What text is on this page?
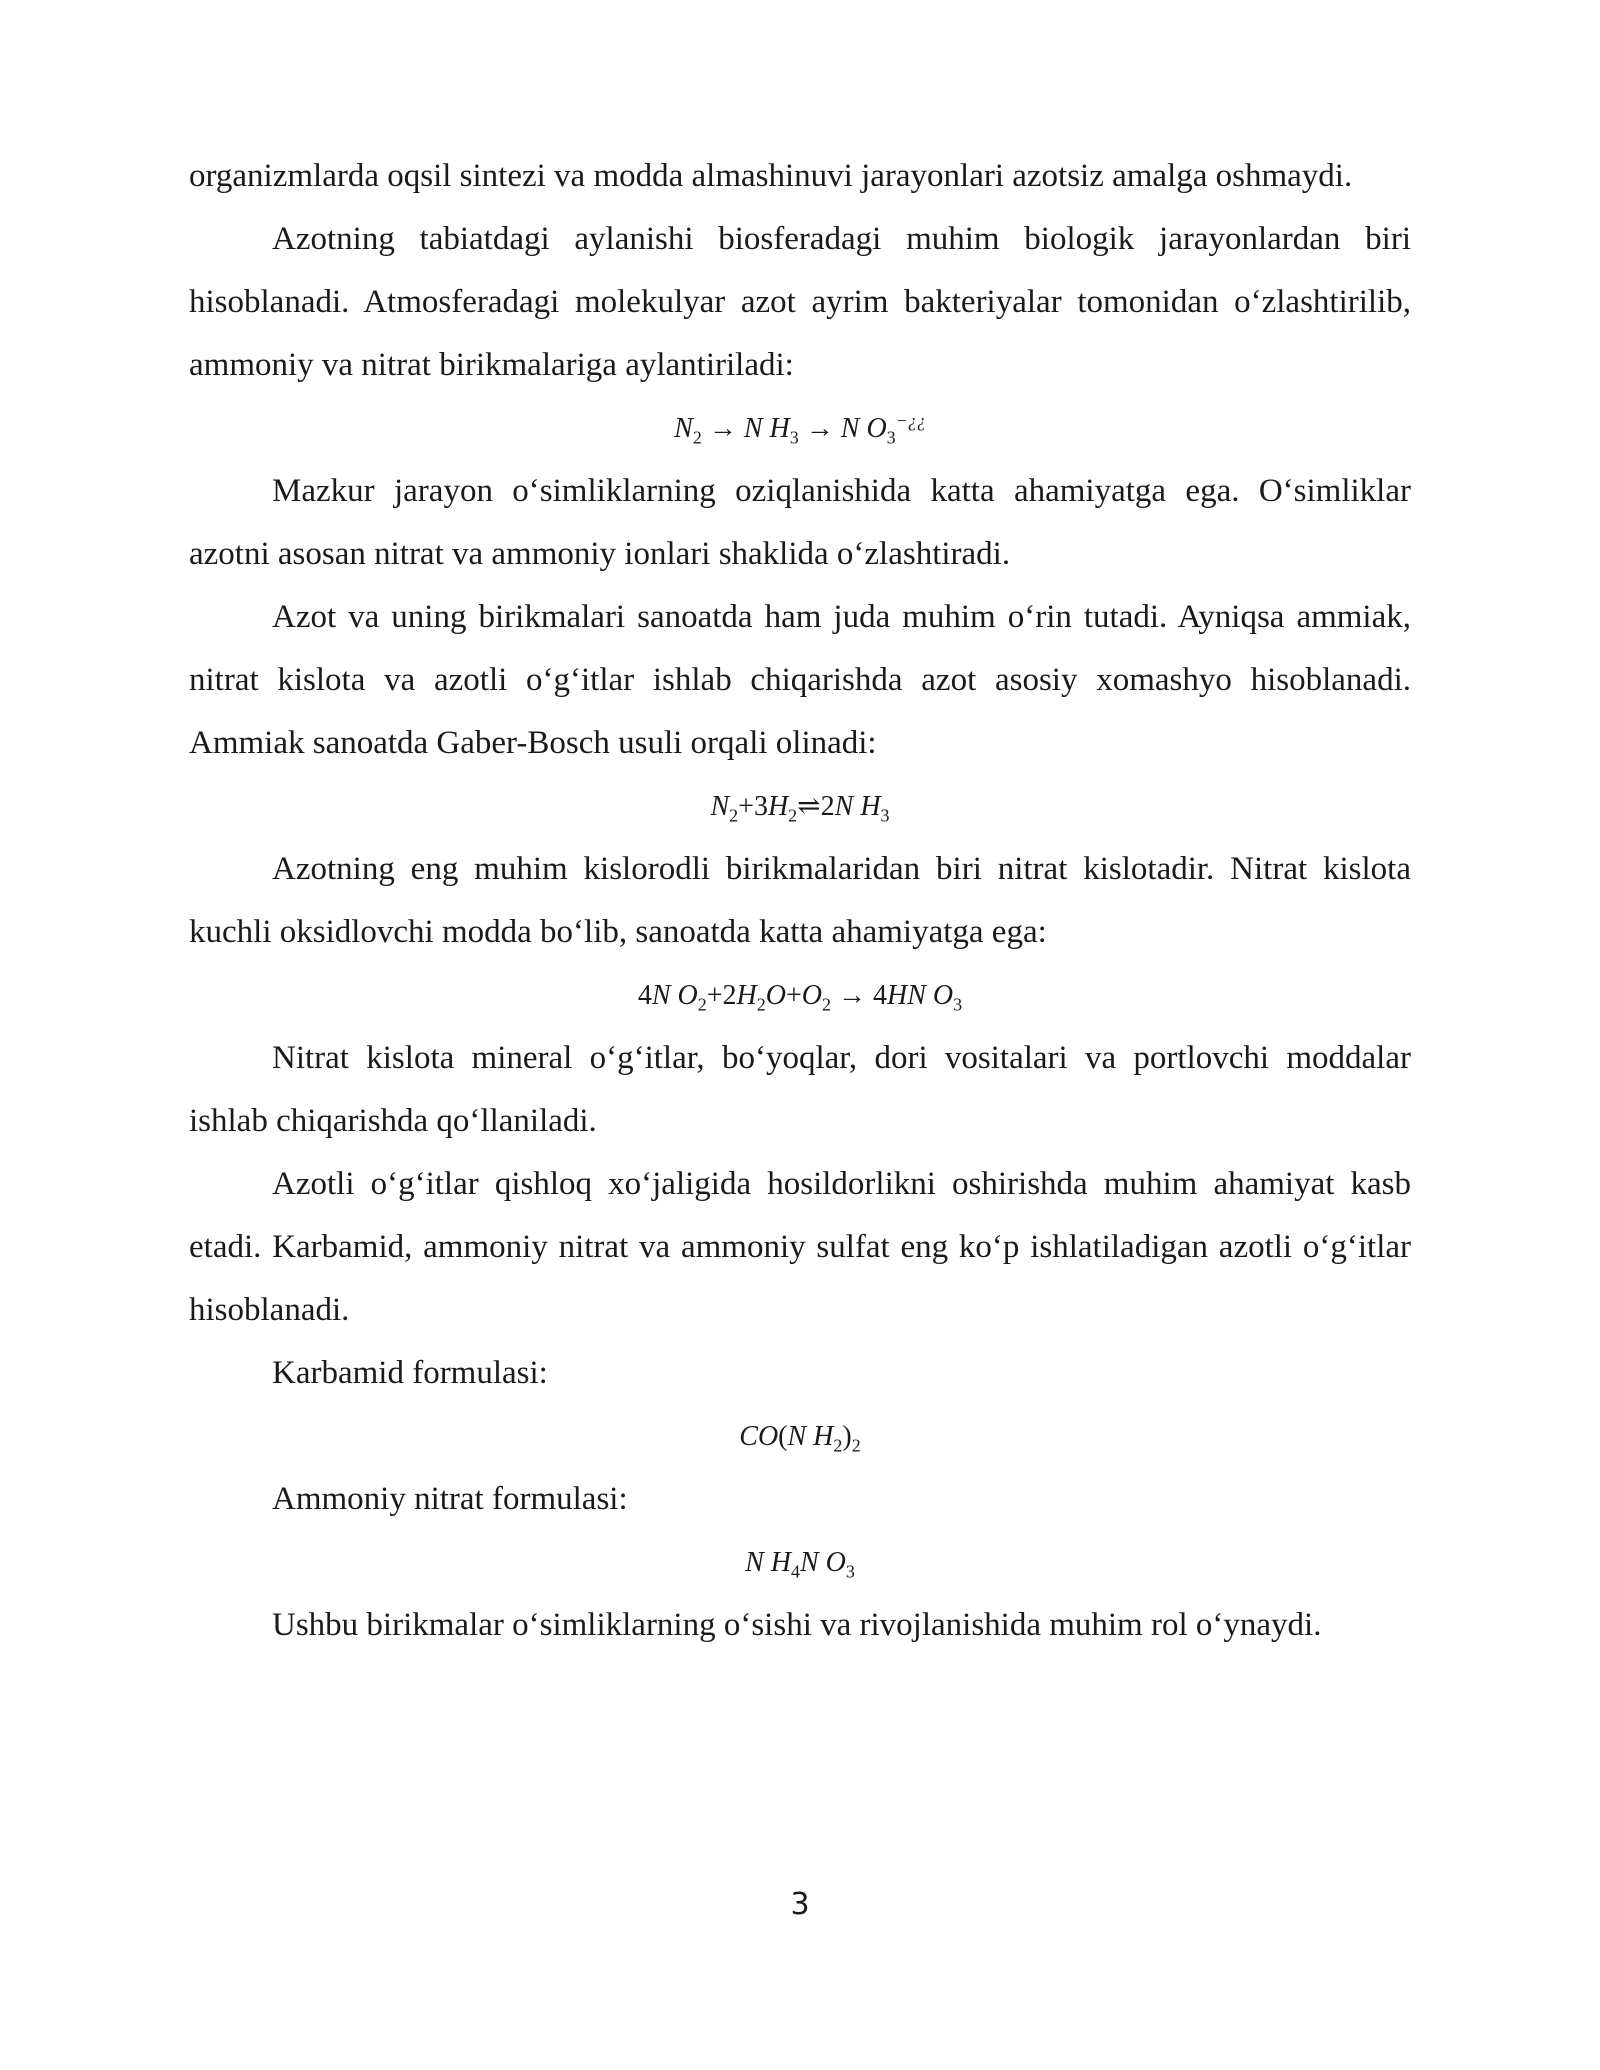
organizmlarda oqsil sintezi va modda almashinuvi jarayonlari azotsiz amalga oshmaydi.

Azotning tabiatdagi aylanishi biosferadagi muhim biologik jarayonlardan biri hisoblanadi. Atmosferadagi molekulyar azot ayrim bakteriyalar tomonidan oʻzlashtirilib, ammoniy va nitrat birikmalariga aylantiriladi:

$N_2 \to N$ $H_3 \to N$ $O_3^{-¿¿}$

Mazkur jarayon oʻsimliklarning oziqlanishida katta ahamiyatga ega. Oʻsimliklar azotni asosan nitrat va ammoniy ionlari shaklida oʻzlashtiradi.

Azot va uning birikmalari sanoatda ham juda muhim oʻrin tutadi. Ayniqsa ammiak, nitrat kislota va azotli oʻgʻitlar ishlab chiqarishda azot asosiy xomashyo hisoblanadi. Ammiak sanoatda Gaber-Bosch usuli orqali olinadi:

$N_2+3H_2\rightleftharpoons 2N$ $H_3$

Azotning eng muhim kislorodli birikmalaridan biri nitrat kislotadir. Nitrat kislota kuchli oksidlovchi modda boʻlib, sanoatda katta ahamiyatga ega:

4N $O_2+2H_2O+O_2 \to 4HN$ $O_3$

Nitrat kislota mineral oʻgʻitlar, boʻyoqlar, dori vositalari va portlovchi moddalar ishlab chiqarishda qoʻllaniladi.

Azotli oʻgʻitlar qishloq xoʻjaligida hosildorlikni oshirishda muhim ahamiyat kasb etadi. Karbamid, ammoniy nitrat va ammoniy sulfat eng koʻp ishlatiladigan azotli oʻgʻitlar hisoblanadi.

Karbamid formulasi:

CO(N $H_2)_2$

Ammoniy nitrat formulasi:

N $H_4N$ $O_3$

Ushbu birikmalar oʻsimliklarning oʻsishi va rivojlanishida muhim rol oʻynaydi.

3
